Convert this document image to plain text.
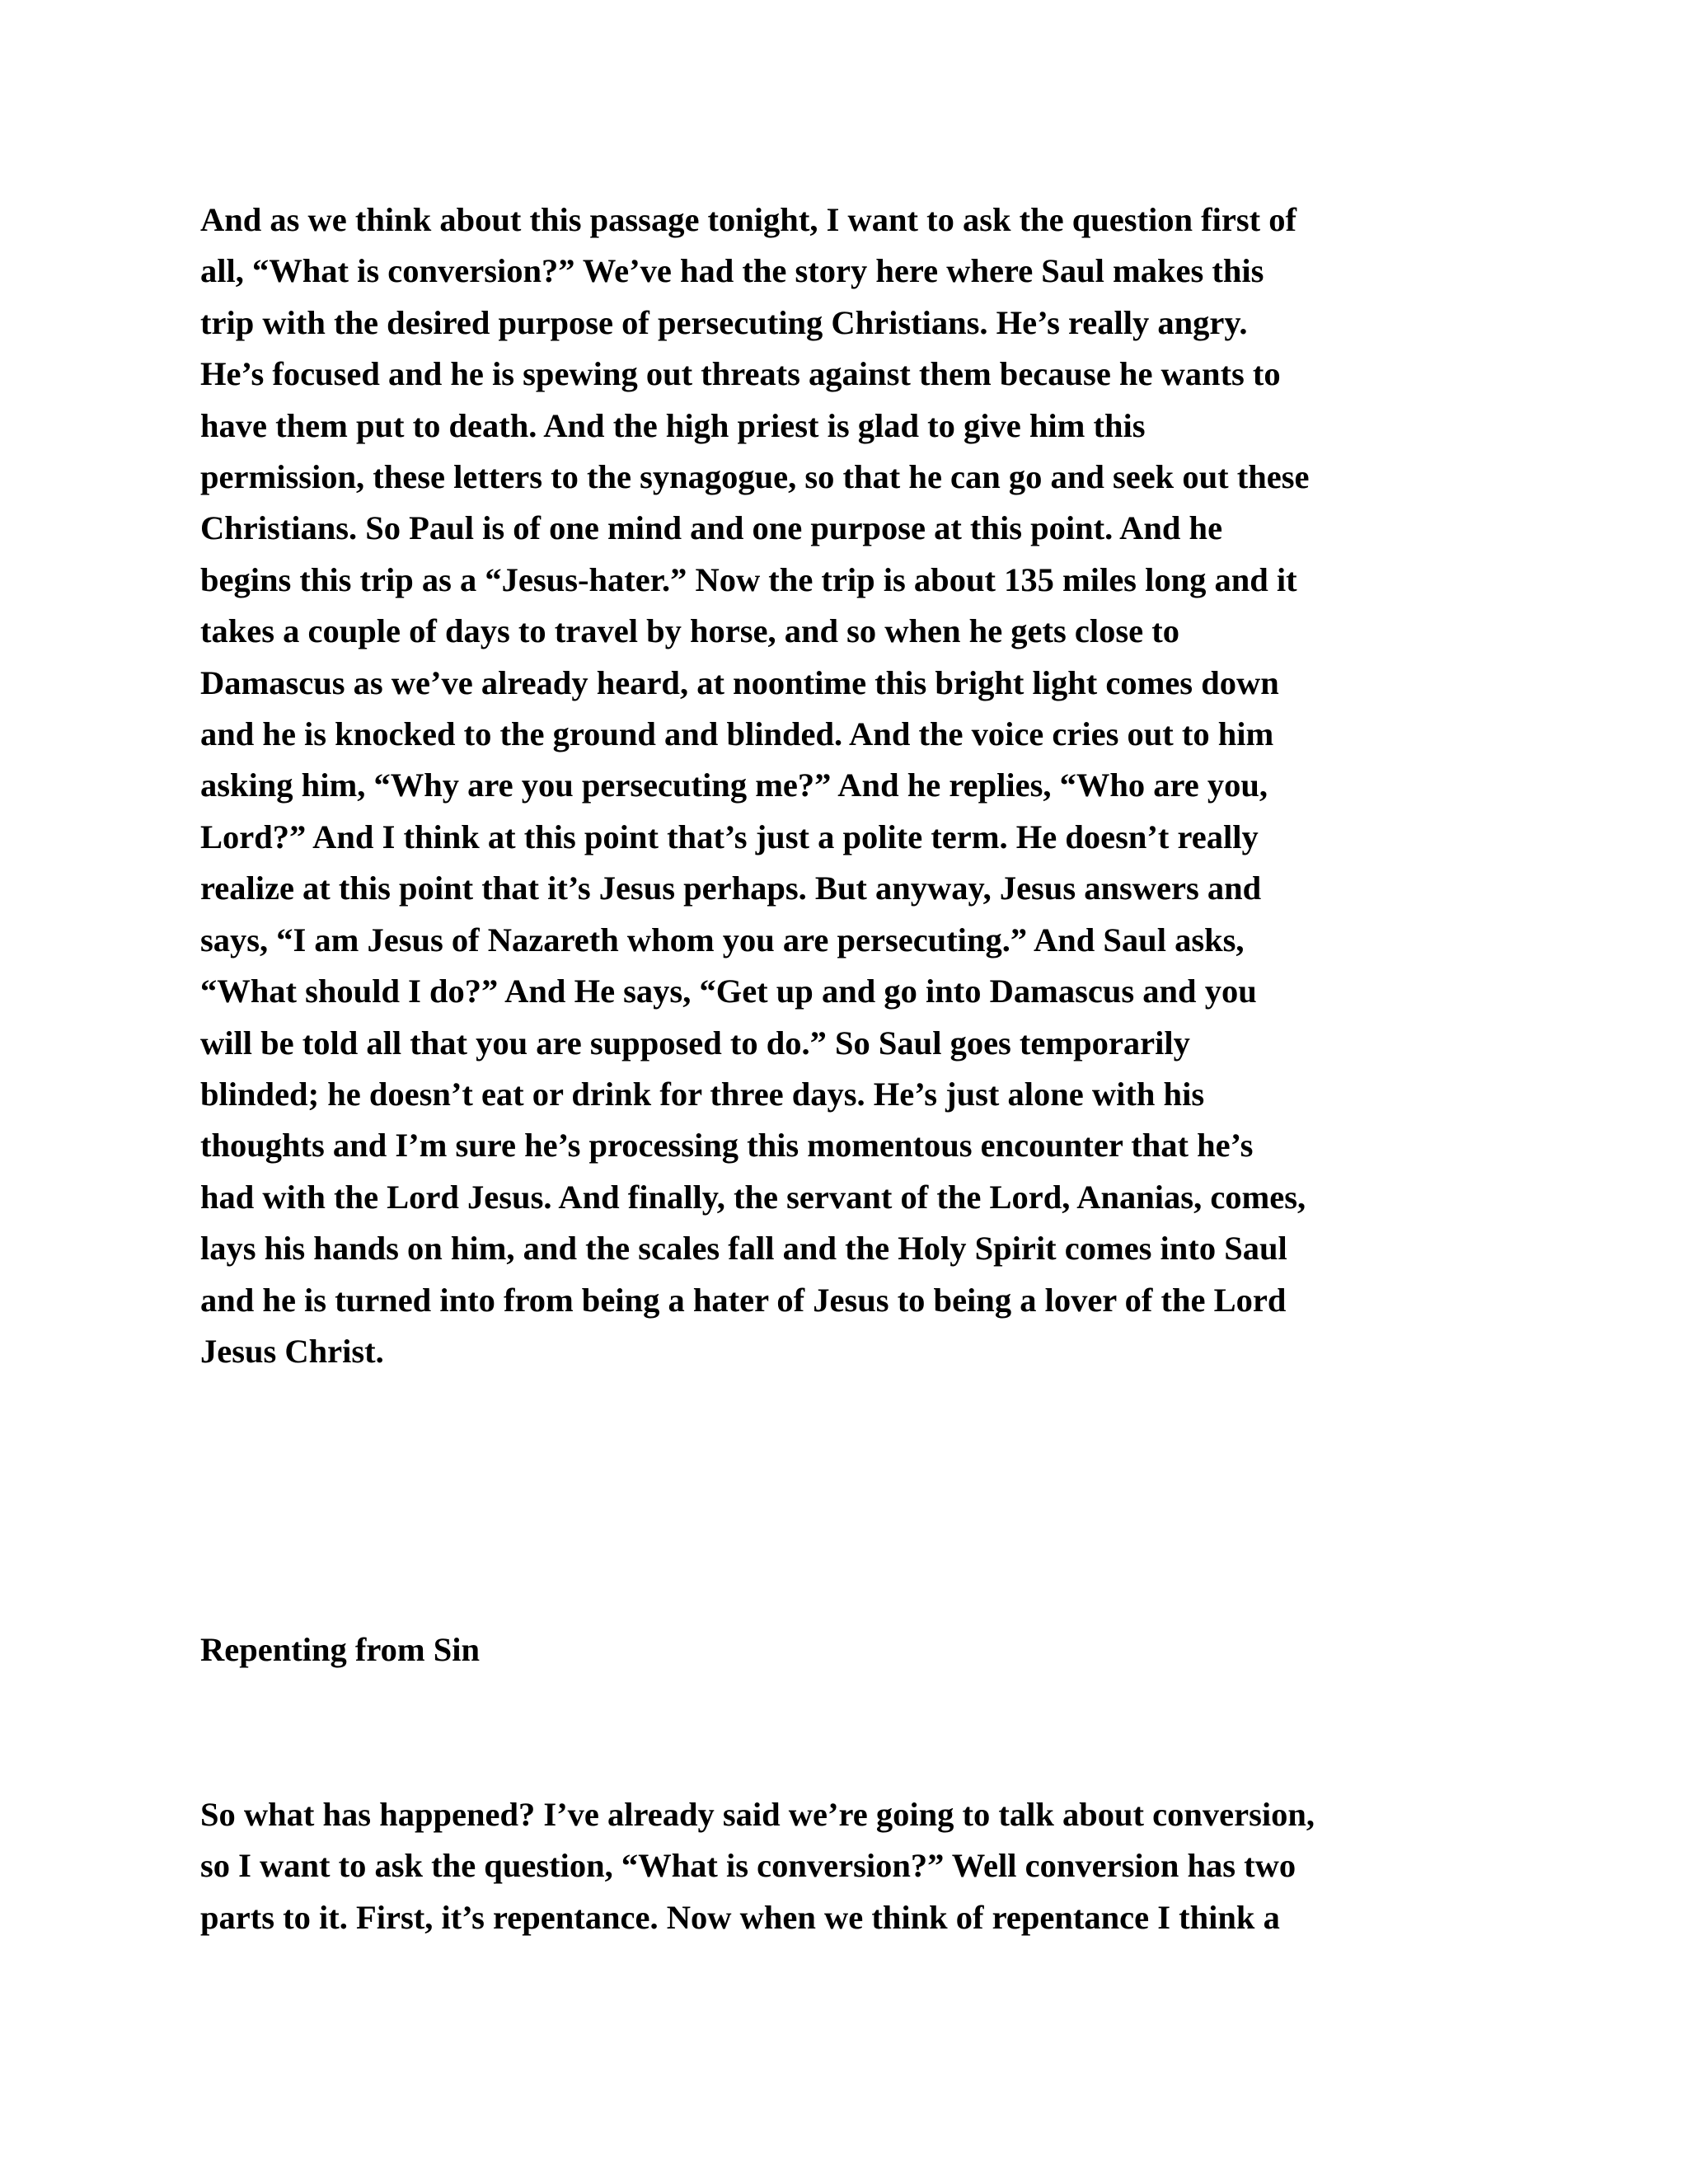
And as we think about this passage tonight, I want to ask the question first of
all, “What is conversion?” We’ve had the story here where Saul makes this
trip with the desired purpose of persecuting Christians. He’s really angry.
He’s focused and he is spewing out threats against them because he wants to
have them put to death. And the high priest is glad to give him this
permission, these letters to the synagogue, so that he can go and seek out these
Christians. So Paul is of one mind and one purpose at this point. And he
begins this trip as a “Jesus-hater.” Now the trip is about 135 miles long and it
takes a couple of days to travel by horse, and so when he gets close to
Damascus as we’ve already heard, at noontime this bright light comes down
and he is knocked to the ground and blinded. And the voice cries out to him
asking him, “Why are you persecuting me?” And he replies, “Who are you,
Lord?” And I think at this point that’s just a polite term. He doesn’t really
realize at this point that it’s Jesus perhaps. But anyway, Jesus answers and
says, “I am Jesus of Nazareth whom you are persecuting.” And Saul asks,
“What should I do?” And He says, “Get up and go into Damascus and you
will be told all that you are supposed to do.” So Saul goes temporarily
blinded; he doesn’t eat or drink for three days. He’s just alone with his
thoughts and I’m sure he’s processing this momentous encounter that he’s
had with the Lord Jesus. And finally, the servant of the Lord, Ananias, comes,
lays his hands on him, and the scales fall and the Holy Spirit comes into Saul
and he is turned into from being a hater of Jesus to being a lover of the Lord
Jesus Christ.
Repenting from Sin
So what has happened? I’ve already said we’re going to talk about conversion,
so I want to ask the question, “What is conversion?” Well conversion has two
parts to it. First, it’s repentance. Now when we think of repentance I think a
